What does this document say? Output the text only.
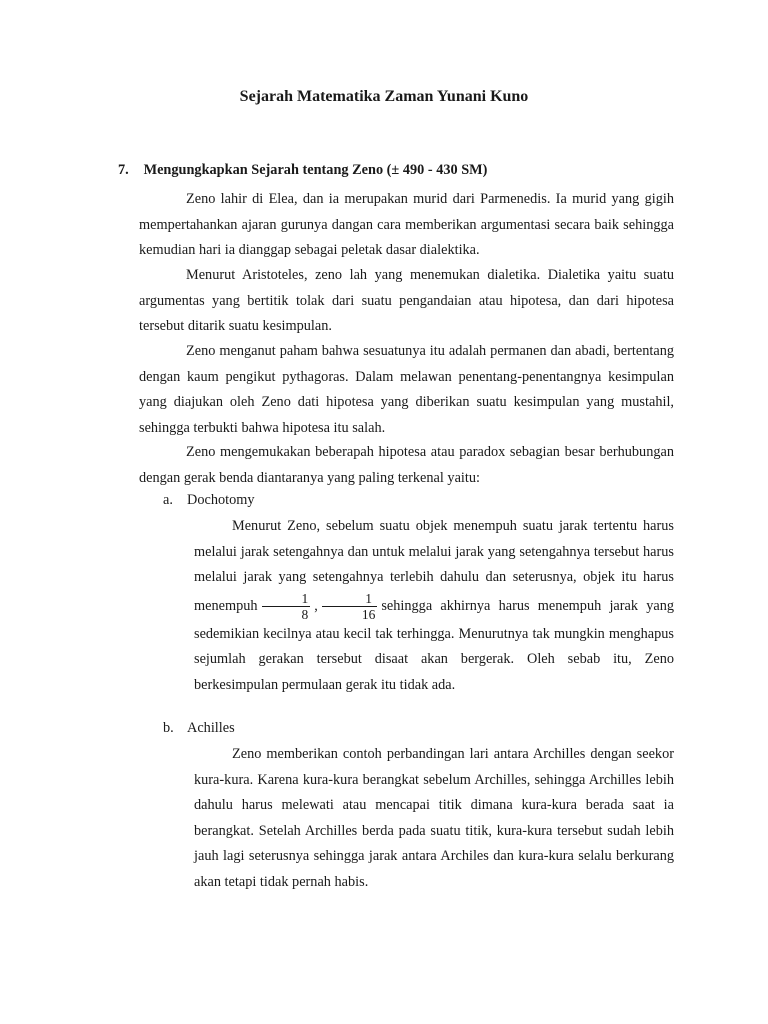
Sejarah Matematika Zaman Yunani Kuno
7. Mengungkapkan Sejarah tentang Zeno (± 490 - 430 SM)

Zeno lahir di Elea, dan ia merupakan murid dari Parmenedis. Ia murid yang gigih mempertahankan ajaran gurunya dangan cara memberikan argumentasi secara baik sehingga kemudian hari ia dianggap sebagai peletak dasar dialektika.

Menurut Aristoteles, zeno lah yang menemukan dialetika. Dialetika yaitu suatu argumentas yang bertitik tolak dari suatu pengandaian atau hipotesa, dan dari hipotesa tersebut ditarik suatu kesimpulan.

Zeno menganut paham bahwa sesuatunya itu adalah permanen dan abadi, bertentang dengan kaum pengikut pythagoras. Dalam melawan penentang-penentangnya kesimpulan yang diajukan oleh Zeno dati hipotesa yang diberikan suatu kesimpulan yang mustahil, sehingga terbukti bahwa hipotesa itu salah.

Zeno mengemukakan beberapah hipotesa atau paradox sebagian besar berhubungan dengan gerak benda diantaranya yang paling terkenal yaitu:

a. Dochotomy

Menurut Zeno, sebelum suatu objek menempuh suatu jarak tertentu harus melalui jarak setengahnya dan untuk melalui jarak yang setengahnya tersebut harus melalui jarak yang setengahnya terlebih dahulu dan seterusnya, objek itu harus menempuh $\frac{1}{8}$ , $\frac{1}{16}$ sehingga akhirnya harus menempuh jarak yang sedemikian kecilnya atau kecil tak terhingga. Menurutnya tak mungkin menghapus sejumlah gerakan tersebut disaat akan bergerak. Oleh sebab itu, Zeno berkesimpulan permulaan gerak itu tidak ada.

b. Achilles

Zeno memberikan contoh perbandingan lari antara Archilles dengan seekor kura-kura. Karena kura-kura berangkat sebelum Archilles, sehingga Archilles lebih dahulu harus melewati atau mencapai titik dimana kura-kura berada saat ia berangkat. Setelah Archilles berda pada suatu titik, kura-kura tersebut sudah lebih jauh lagi seterusnya sehingga jarak antara Archiles dan kura-kura selalu berkurang akan tetapi tidak pernah habis.
